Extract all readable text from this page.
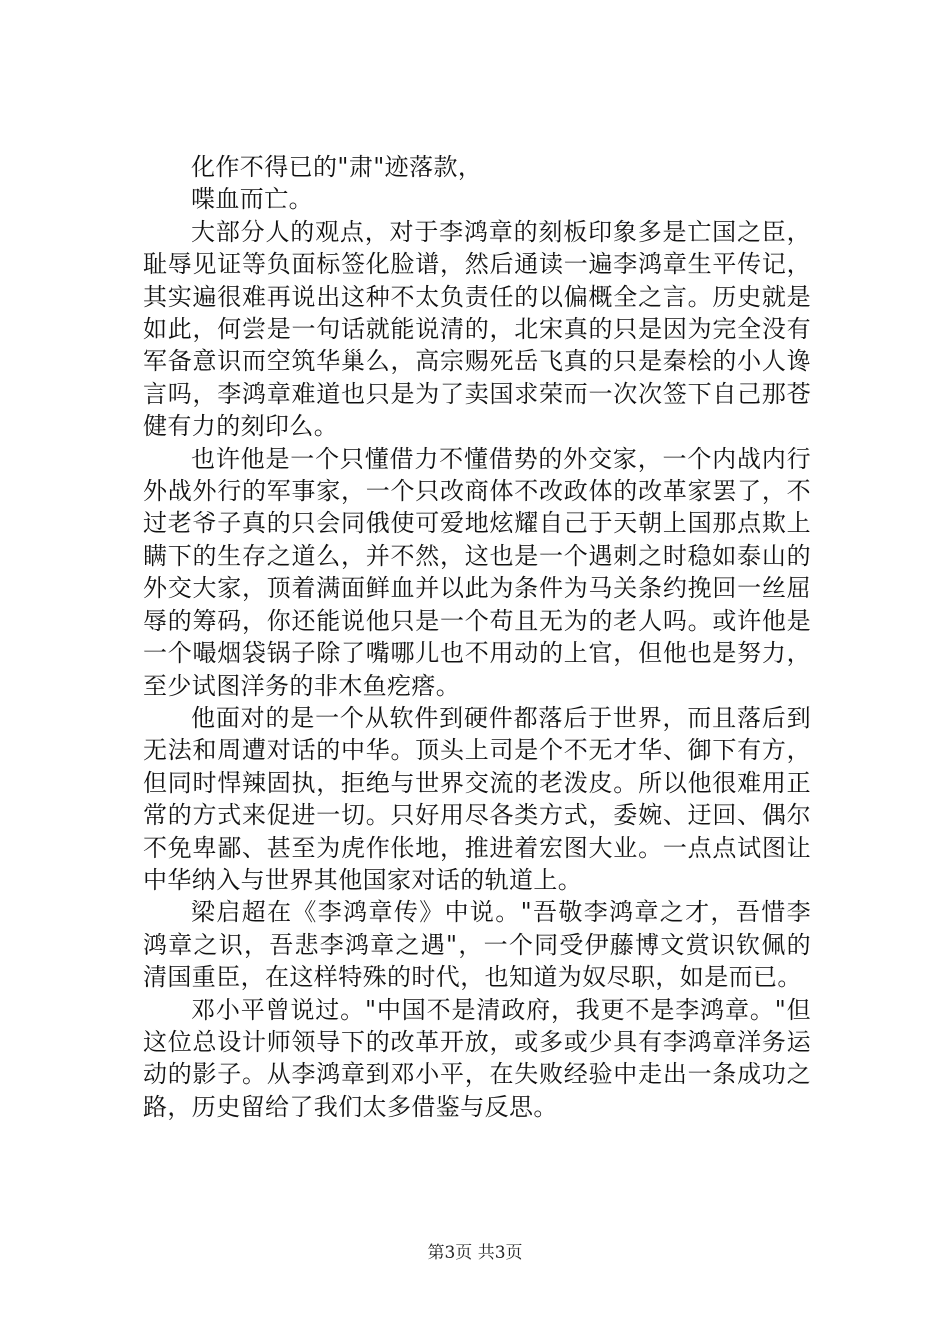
化作不得已的"肃"迹落款，

喋血而亡。

大部分人的观点，对于李鸿章的刻板印象多是亡国之臣，耻辱见证等负面标签化脸谱，然后通读一遍李鸿章生平传记，其实遍很难再说出这种不太负责任的以偏概全之言。历史就是如此，何尝是一句话就能说清的，北宋真的只是因为完全没有军备意识而空筑华巢么，高宗赐死岳飞真的只是秦桧的小人谗言吗，李鸿章难道也只是为了卖国求荣而一次次签下自己那苍健有力的刻印么。

也许他是一个只懂借力不懂借势的外交家，一个内战内行外战外行的军事家，一个只改商体不改政体的改革家罢了，不过老爷子真的只会同俄使可爱地炫耀自己于天朝上国那点欺上瞒下的生存之道么，并不然，这也是一个遇刺之时稳如泰山的外交大家，顶着满面鲜血并以此为条件为马关条约挽回一丝屈辱的筹码，你还能说他只是一个苟且无为的老人吗。或许他是一个嘬烟袋锅子除了嘴哪儿也不用动的上官，但他也是努力，至少试图洋务的非木鱼疙瘩。

他面对的是一个从软件到硬件都落后于世界，而且落后到无法和周遭对话的中华。顶头上司是个不无才华、御下有方，但同时悍辣固执，拒绝与世界交流的老泼皮。所以他很难用正常的方式来促进一切。只好用尽各类方式，委婉、迂回、偶尔不免卑鄙、甚至为虎作伥地，推进着宏图大业。一点点试图让中华纳入与世界其他国家对话的轨道上。

梁启超在《李鸿章传》中说。"吾敬李鸿章之才，吾惜李鸿章之识，吾悲李鸿章之遇"，一个同受伊藤博文赏识钦佩的清国重臣，在这样特殊的时代，也知道为奴尽职，如是而已。

邓小平曾说过。"中国不是清政府，我更不是李鸿章。"但这位总设计师领导下的改革开放，或多或少具有李鸿章洋务运动的影子。从李鸿章到邓小平，在失败经验中走出一条成功之路，历史留给了我们太多借鉴与反思。

第3页 共3页
